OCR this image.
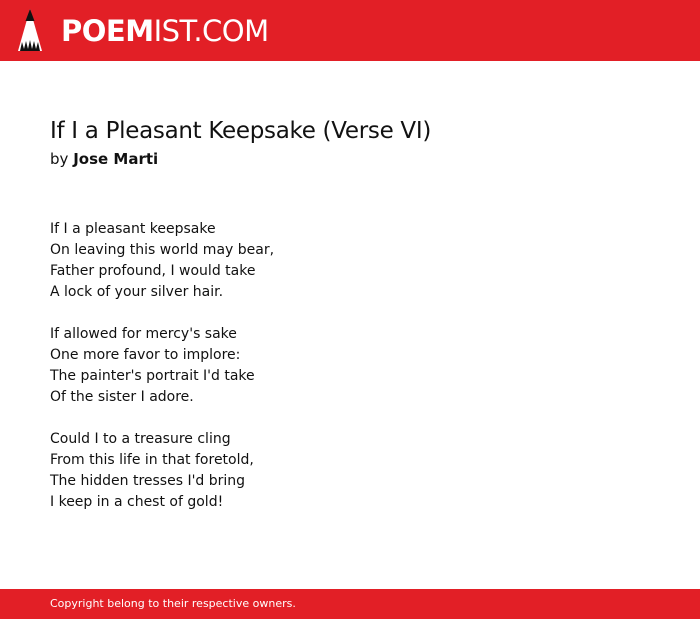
POEMIST.COM
If I a Pleasant Keepsake (Verse VI)
by Jose Marti
If I a pleasant keepsake
On leaving this world may bear,
Father profound, I would take
A lock of your silver hair.
If allowed for mercy's sake
One more favor to implore:
The painter's portrait I'd take
Of the sister I adore.
Could I to a treasure cling
From this life in that foretold,
The hidden tresses I'd bring
I keep in a chest of gold!
Copyright belong to their respective owners.
